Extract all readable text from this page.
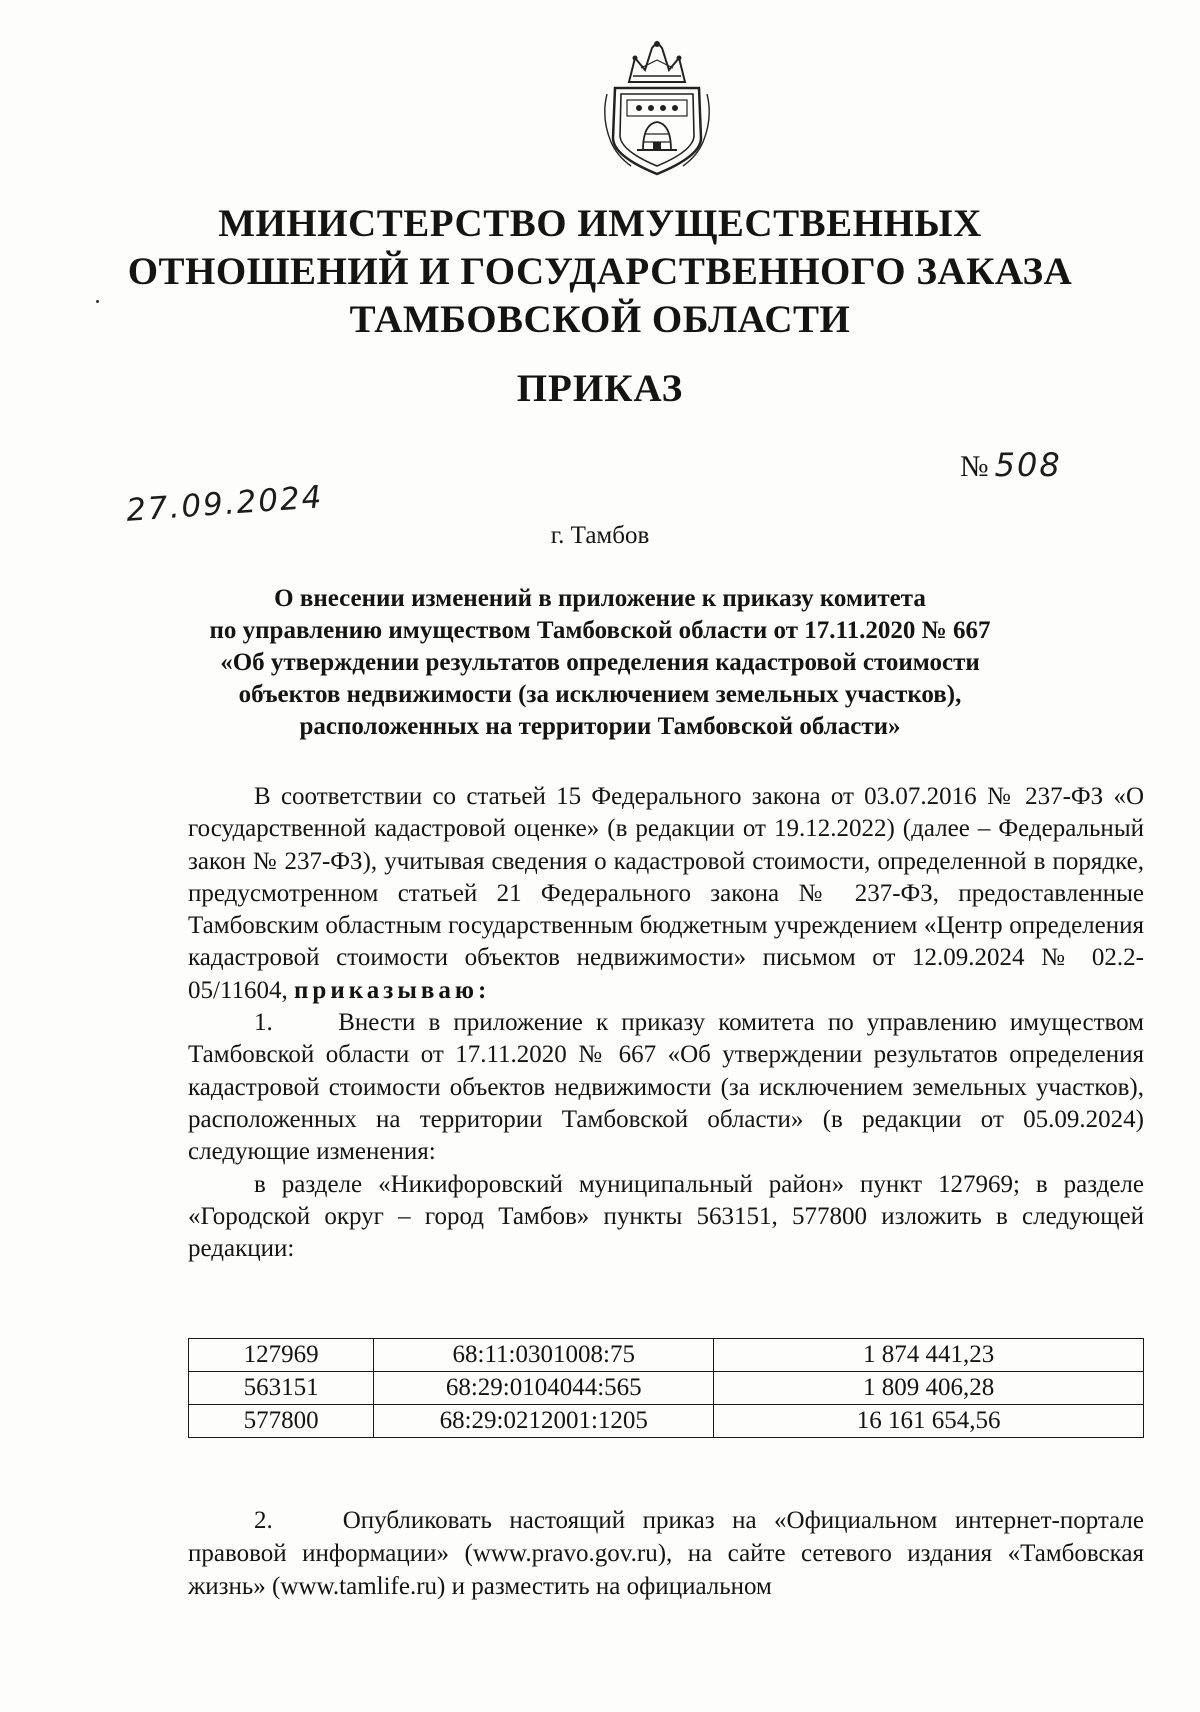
МИНИСТЕРСТВО ИМУЩЕСТВЕННЫХ
ОТНОШЕНИЙ И ГОСУДАРСТВЕННОГО ЗАКАЗА
ТАМБОВСКОЙ ОБЛАСТИ
ПРИКАЗ
№ 508
27.09.2024
г. Тамбов
О внесении изменений в приложение к приказу комитета
по управлению имуществом Тамбовской области от 17.11.2020 № 667
«Об утверждении результатов определения кадастровой стоимости
объектов недвижимости (за исключением земельных участков),
расположенных на территории Тамбовской области»

В соответствии со статьей 15 Федерального закона от 03.07.2016 № 237-ФЗ «О государственной кадастровой оценке» (в редакции от 19.12.2022) (далее – Федеральный закон № 237-ФЗ), учитывая сведения о кадастровой стоимости, определенной в порядке, предусмотренном статьей 21 Федерального закона № 237-ФЗ, предоставленные Тамбовским областным государственным бюджетным учреждением «Центр определения кадастровой стоимости объектов недвижимости» письмом от 12.09.2024 № 02.2-05/11604, приказываю:

1.	Внести в приложение к приказу комитета по управлению имуществом Тамбовской области от 17.11.2020 № 667 «Об утверждении результатов определения кадастровой стоимости объектов недвижимости (за исключением земельных участков), расположенных на территории Тамбовской области» (в редакции от 05.09.2024) следующие изменения:

в разделе «Никифоровский муниципальный район» пункт 127969; в разделе «Городской округ – город Тамбов» пункты 563151, 577800 изложить в следующей редакции:

127969	68:11:0301008:75	1 874 441,23
563151	68:29:0104044:565	1 809 406,28
577800	68:29:0212001:1205	16 161 654,56

2.	Опубликовать настоящий приказ на «Официальном интернет-портале правовой информации» (www.pravo.gov.ru), на сайте сетевого издания «Тамбовская жизнь» (www.tamlife.ru) и разместить на официальном
